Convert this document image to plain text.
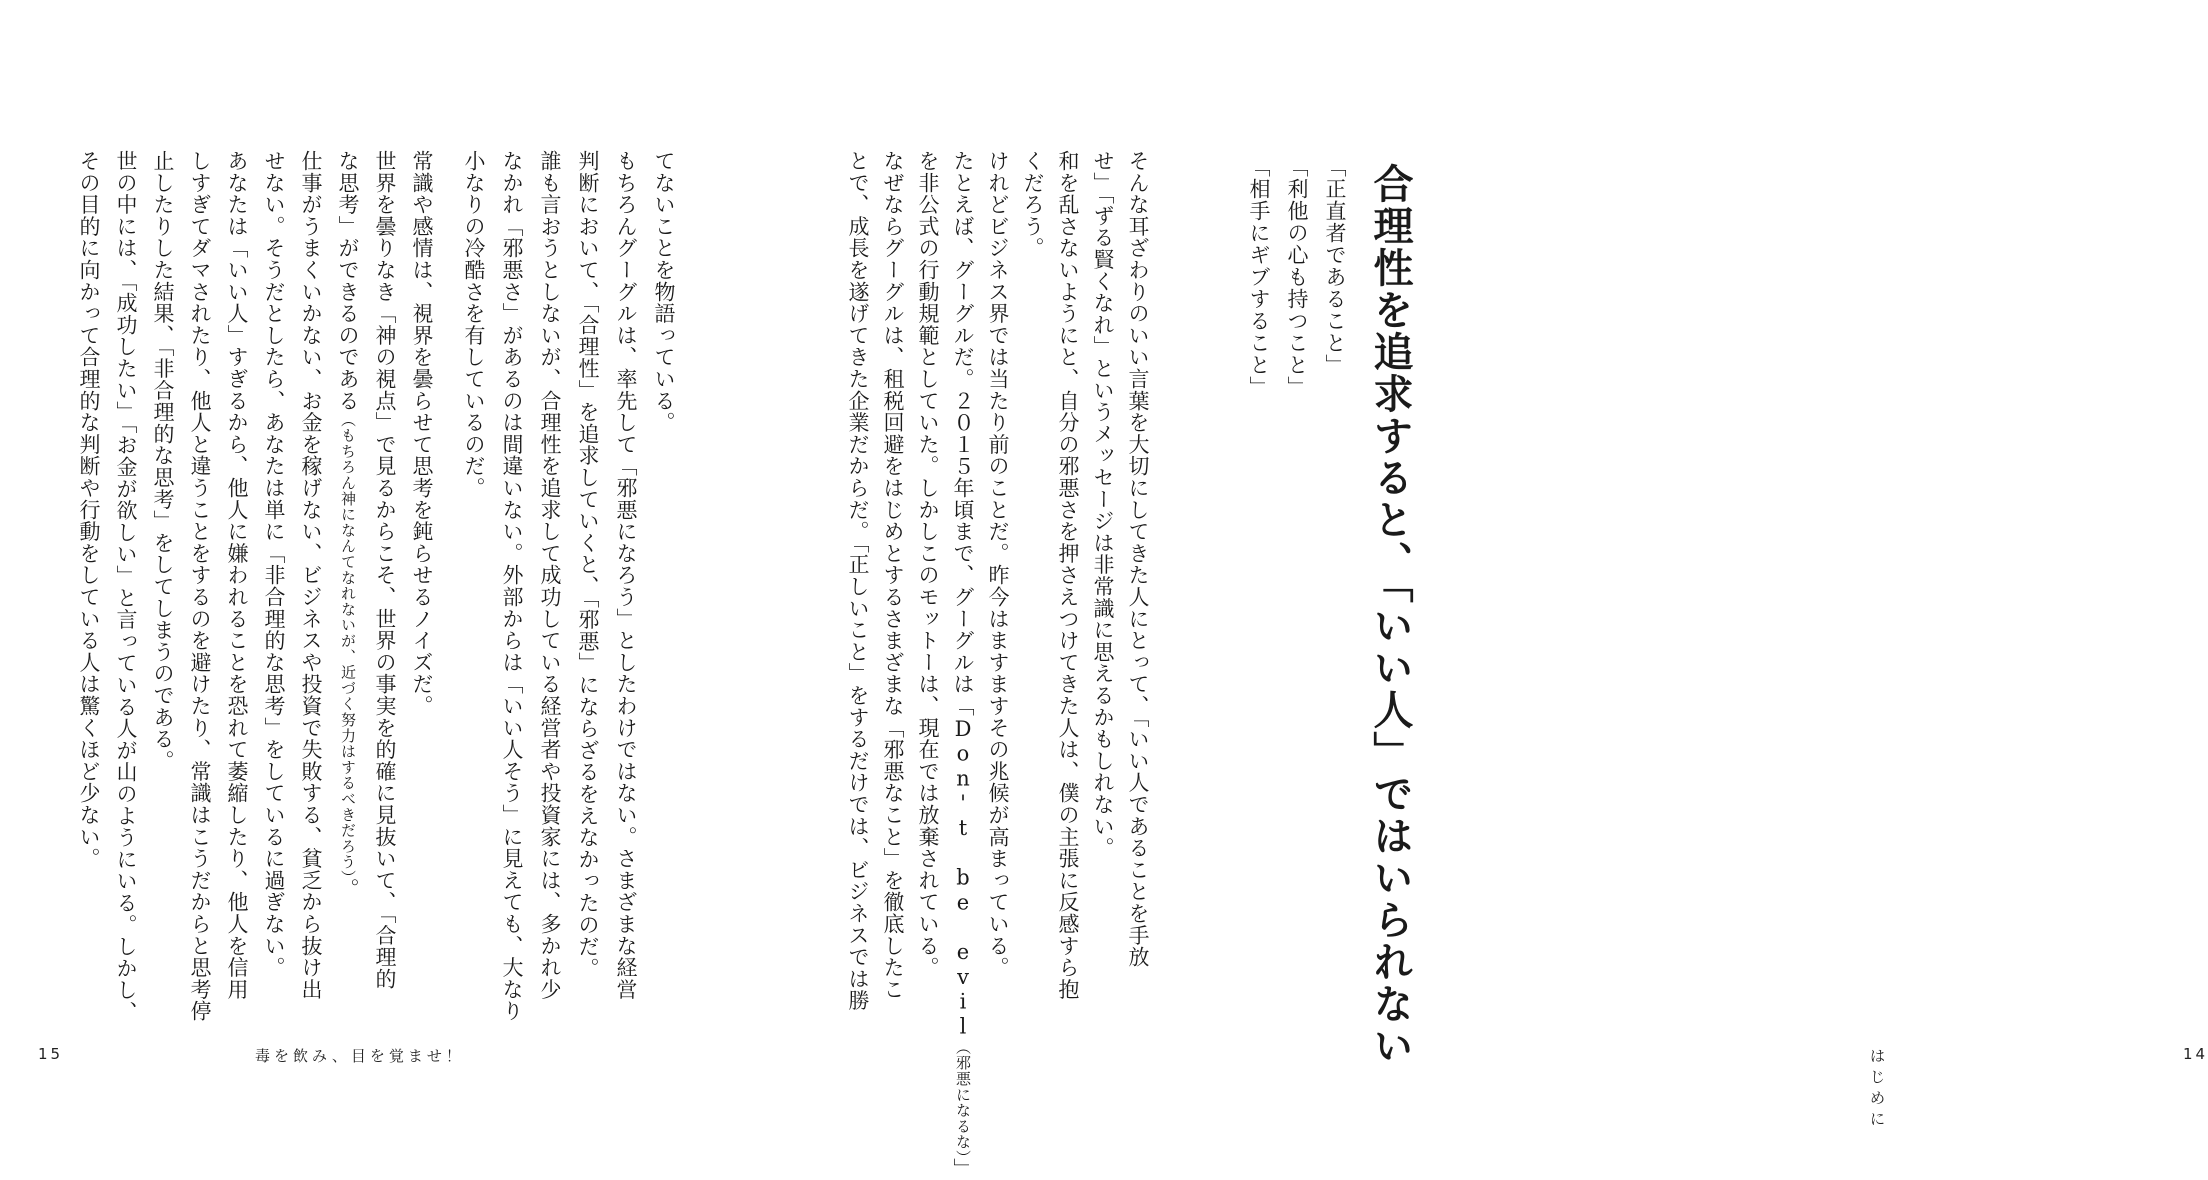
合理性を追求すると、「いい人」ではいられない
「正直者であること」
「利他の心も持つこと」
「相手にギブすること」
そんな耳ざわりのいい言葉を大切にしてきた人にとって、「いい人であることを手放
せ」「ずる賢くなれ」というメッセージは非常識に思えるかもしれない。
和を乱さないようにと、自分の邪悪さを押さえつけてきた人は、僕の主張に反感すら抱
くだろう。
けれどビジネス界では当たり前のことだ。昨今はますますその兆候が高まっている。
たとえば、グーグルだ。２０１５年頃まで、グーグルは「Don't be evil（邪悪になるな）」
を非公式の行動規範としていた。しかしこのモットーは、現在では放棄されている。
なぜならグーグルは、租税回避をはじめとするさまざまな「邪悪なこと」を徹底したこ
とで、成長を遂げてきた企業だからだ。「正しいこと」をするだけでは、ビジネスでは勝
はじめに
14
てないことを物語っている。
もちろんグーグルは、率先して「邪悪になろう」としたわけではない。さまざまな経営
判断において、「合理性」を追求していくと、「邪悪」にならざるをえなかったのだ。
誰も言おうとしないが、合理性を追求して成功している経営者や投資家には、多かれ少
なかれ「邪悪さ」があるのは間違いない。外部からは「いい人そう」に見えても、大なり
小なりの冷酷さを有しているのだ。
常識や感情は、視界を曇らせて思考を鈍らせるノイズだ。
世界を曇りなき「神の視点」で見るからこそ、世界の事実を的確に見抜いて、「合理的
な思考」ができるのである（もちろん神になんてなれないが、近づく努力はするべきだろう）。
仕事がうまくいかない、お金を稼げない、ビジネスや投資で失敗する、貧乏から抜け出
せない。そうだとしたら、あなたは単に「非合理的な思考」をしているに過ぎない。
あなたは「いい人」すぎるから、他人に嫌われることを恐れて萎縮したり、他人を信用
しすぎてダマされたり、他人と違うことをするのを避けたり、常識はこうだからと思考停
止したりした結果、「非合理的な思考」をしてしまうのである。
世の中には、「成功したい」「お金が欲しい」と言っている人が山のようにいる。しかし、
その目的に向かって合理的な判断や行動をしている人は驚くほど少ない。
15	毒を飲み、目を覚ませ！
